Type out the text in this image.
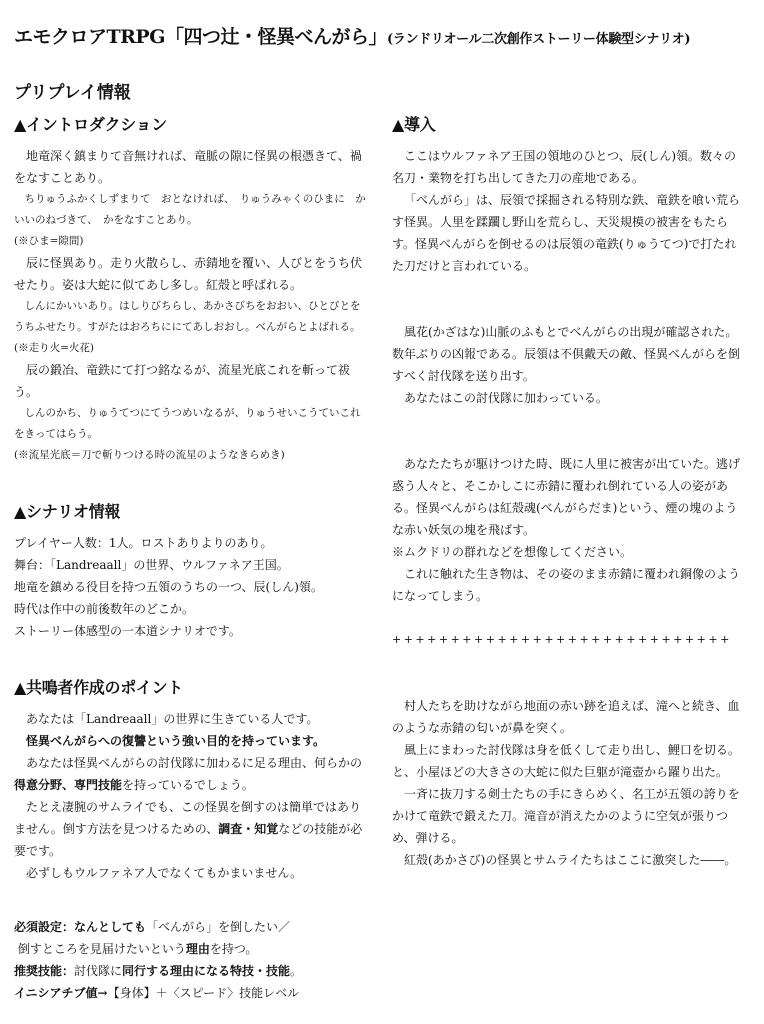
エモクロアTRPG「四つ辻・怪異べんがら」(ランドリオール二次創作ストーリー体験型シナリオ)
プリプレイ情報
▲イントロダクション

地竜深く鎮まりて音無ければ、竜脈の隙に怪異の根憑きて、禍をなすことあり。

ちりゅうふかくしずまりて　おとなければ、　りゅうみゃくのひまに　かいいのねづきて、　かをなすことあり。

(※ひま=隙間)

辰に怪異あり。走り火散らし、赤錆地を覆い、人びとをうち伏せたり。姿は大蛇に似てあし多し。紅殻と呼ばれる。

しんにかいいあり。はしりびちらし、あかさびちをおおい、ひとびとをうちふせたり。すがたはおろちににてあしおおし。べんがらとよばれる。

(※走り火=火花)

辰の鍛冶、竜鉄にて打つ銘なるが、流星光底これを斬って祓う。

しんのかち、りゅうてつにてうつめいなるが、りゅうせいこうていこれをきってはらう。

(※流星光底＝刀で斬りつける時の流星のようなきらめき)

▲シナリオ情報

プレイヤー人数：1人。ロストありよりのあり。

舞台：「Landreaall」の世界、ウルファネア王国。

地竜を鎮める役目を持つ五領のうちの一つ、辰(しん)領。

時代は作中の前後数年のどこか。

ストーリー体感型の一本道シナリオです。

▲共鳴者作成のポイント

あなたは「Landreaall」の世界に生きている人です。

怪異べんがらへの復讐という強い目的を持っています。

あなたは怪異べんがらの討伐隊に加わるに足る理由、何らかの得意分野、専門技能を持っているでしょう。

たとえ凄腕のサムライでも、この怪異を倒すのは簡単ではありません。倒す方法を見つけるための、調査・知覚などの技能が必要です。

必ずしもウルファネア人でなくてもかまいません。

必須設定：なんとしても「べんがら」を倒したい／

倒すところを見届けたいという理由を持つ。

推奨技能：討伐隊に同行する理由になる特技・技能。

イニシアチブ値→【身体】＋〈スピード〉技能レベル

▲導入

ここはウルファネア王国の領地のひとつ、辰(しん)領。数々の名刀・業物を打ち出してきた刀の産地である。

「べんがら」は、辰領で採掘される特別な鉄、竜鉄を喰い荒らす怪異。人里を蹂躙し野山を荒らし、天災規模の被害をもたらす。怪異べんがらを倒せるのは辰領の竜鉄(りゅうてつ)で打たれた刀だけと言われている。

風花(かざはな)山脈のふもとでべんがらの出現が確認された。数年ぶりの凶報である。辰領は不倶戴天の敵、怪異べんがらを倒すべく討伐隊を送り出す。

あなたはこの討伐隊に加わっている。

あなたたちが駆けつけた時、既に人里に被害が出ていた。逃げ惑う人々と、そこかしこに赤錆に覆われ倒れている人の姿がある。怪異べんがらは紅殻魂(べんがらだま)という、煙の塊のような赤い妖気の塊を飛ばす。

※ムクドリの群れなどを想像してください。

これに触れた生き物は、その姿のまま赤錆に覆われ銅像のようになってしまう。

+++++++++++++++++++++++++++++

村人たちを助けながら地面の赤い跡を追えば、滝へと続き、血のような赤錆の匂いが鼻を突く。

風上にまわった討伐隊は身を低くして走り出し、鯉口を切る。と、小屋ほどの大きさの大蛇に似た巨躯が滝壺から躍り出た。

一斉に抜刀する剣士たちの手にきらめく、名工が五領の誇りをかけて竜鉄で鍛えた刀。滝音が消えたかのように空気が張りつめ、弾ける。

紅殻(あかさび)の怪異とサムライたちはここに激突した――。
